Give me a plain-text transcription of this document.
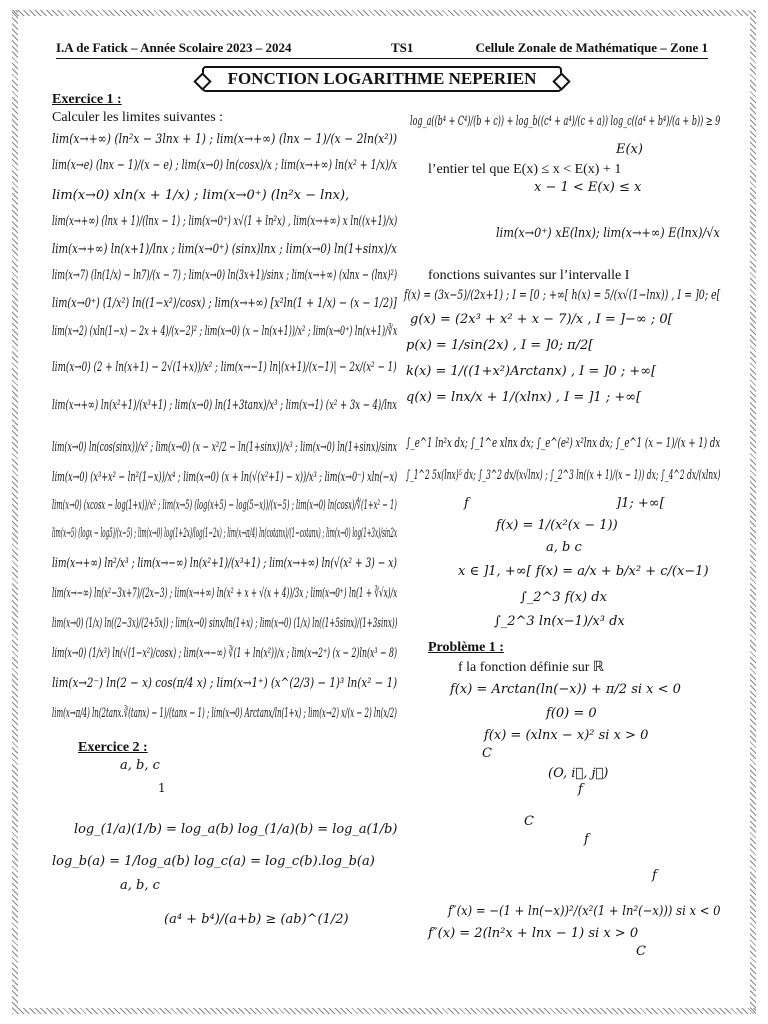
I.A de Fatick – Année Scolaire 2023 – 2024	TS1	Cellule Zonale de Mathématique – Zone 1
FONCTION LOGARITHME NEPERIEN
Exercice 1 :
Calculer les limites suivantes :
lim(x→+∞) (ln²x − 3lnx + 1) ; lim(x→+∞) (lnx − 1)/(x − 2ln(x²))
lim(x→e) (lnx − 1)/(x − e) ; lim(x→0) ln(cosx)/x ; lim(x→+∞) ln(x² + 1/x)/x
lim(x→0) xln(x + 1/x) ; lim(x→0⁺) (ln²x − lnx),
lim(x→+∞) (lnx + 1)/(lnx − 1) ; lim(x→0⁺) x√(1 + ln²x) , lim(x→+∞) x ln((x+1)/x)
lim(x→+∞) ln(x+1)/lnx ; lim(x→0⁺) (sinx)lnx ; lim(x→0) ln(1+sinx)/x
lim(x→7) (ln(1/x) − ln7)/(x − 7) ; lim(x→0) ln(3x+1)/sinx ; lim(x→+∞) (xlnx − (lnx)²)
lim(x→0⁺) (1/x²) ln((1−x²)/cosx) ; lim(x→+∞) [x²ln(1 + 1/x) − (x − 1/2)]
lim(x→2) (xln(1−x) − 2x + 4)/(x−2)² ; lim(x→0) (x − ln(x+1))/x² ; lim(x→0⁺) ln(x+1)/∛x
lim(x→0) (2 + ln(x+1) − 2√(1+x))/x² ; lim(x→−1) ln|(x+1)/(x−1)| − 2x/(x² − 1)
lim(x→+∞) ln(x²+1)/(x³+1) ; lim(x→0) ln(1+3tanx)/x³ ; lim(x→1) (x² + 3x − 4)/lnx
lim(x→0) ln(cos(sinx))/x² ; lim(x→0) (x − x²/2 − ln(1+sinx))/x³ ; lim(x→0) ln(1+sinx)/sinx
lim(x→0) (x³+x² − ln²(1−x))/x⁴ ; lim(x→0) (x + ln(√(x²+1) − x))/x³ ; lim(x→0⁻) xln(−x)
lim(x→0) (xcosx − log(1+x))/x² ; lim(x→5) (log(x+5) − log(5−x))/(x−5) ; lim(x→0) ln(cosx)/∜(1+x² − 1)
lim(x→5) (logx − log5)/(x−5) ; lim(x→0) log(1+2x)/log(1−2x) ; lim(x→π/4) ln(cotanx)/(1−cotanx) ; lim(x→0) log(1+3x)/sin2x
lim(x→+∞) ln²/x³ ; lim(x→−∞) ln(x²+1)/(x³+1) ; lim(x→+∞) ln(√(x² + 3) − x)
lim(x→−∞) ln(x²−3x+7)/(2x−3) ; lim(x→+∞) ln(x² + x + √(x + 4))/3x ; lim(x→0⁺) ln(1 + ∛√x)/x
lim(x→0) (1/x) ln((2−3x)/(2+5x)) ; lim(x→0) sinx/ln(1+x) ; lim(x→0) (1/x) ln((1+5sinx)/(1+3sinx))
lim(x→0) (1/x³) ln(√(1−x²)/cosx) ; lim(x→−∞) ∛(1 + ln(x²))/x ; lim(x→2⁺) (x − 2)ln(x³ − 8)
lim(x→2⁻) ln(2 − x) cos(π/4 x) ; lim(x→1⁺) (x^(2/3) − 1)³ ln(x² − 1)
lim(x→π/4) ln(2tanx.∛(tanx) − 1)/(tanx − 1) ; lim(x→0) Arctanx/ln(1+x) ; lim(x→2) x/(x − 2) ln(x/2)
Exercice 2 :
a, b, c
1
log_(1/a)(1/b) = log_a(b) log_(1/a)(b) = log_a(1/b)
log_b(a) = 1/log_a(b) log_c(a) = log_c(b).log_b(a)
a, b, c
(a⁴ + b⁴)/(a+b) ≥ (ab)^(1/2)
log_a((b⁴ + C⁴)/(b + c)) + log_b((c⁴ + a⁴)/(c + a)) log_c((a⁴ + b⁴)/(a + b)) ≥ 9
E(x)
l’entier tel que E(x) ≤ x < E(x) + 1
x − 1 < E(x) ≤ x
lim(x→0⁺) xE(lnx); lim(x→+∞) E(lnx)/√x
fonctions suivantes sur l’intervalle I
f(x) = (3x−5)/(2x+1) ; I = [0 ; +∞[ h(x) = 5/(x√(1−lnx)) , I = ]0; e[
g(x) = (2x³ + x² + x − 7)/x , I = ]−∞ ; 0[
p(x) = 1/sin(2x) , I = ]0; π/2[
k(x) = 1/((1+x²)Arctanx) , I = ]0 ; +∞[
q(x) = lnx/x + 1/(xlnx) , I = ]1 ; +∞[
∫_e^1 ln²x dx; ∫_1^e xlnx dx; ∫_e^(e²) x²lnx dx; ∫_e^1 (x − 1)/(x + 1) dx
∫_1^2 5x(lnx)⁵ dx; ∫_3^2 dx/(x√lnx) ; ∫_2^3 ln((x + 1)/(x − 1)) dx; ∫_4^2 dx/(xlnx)
f	]1; +∞[
f(x) = 1/(x²(x − 1))
a, b c
x ∈ ]1, +∞[ f(x) = a/x + b/x² + c/(x−1)
∫_2^3 f(x) dx
∫_2^3 ln(x−1)/x³ dx
Problème 1 :
f la fonction définie sur ℝ
f(x) = Arctan(ln(−x)) + π/2 si x < 0
f(0) = 0
f(x) = (xlnx − x)² si x > 0
C
(O, i⃗, j⃗)
f
C
f
f
f″(x) = −(1 + ln(−x))²/(x²(1 + ln²(−x))) si x < 0
f″(x) = 2(ln²x + lnx − 1) si x > 0
C
